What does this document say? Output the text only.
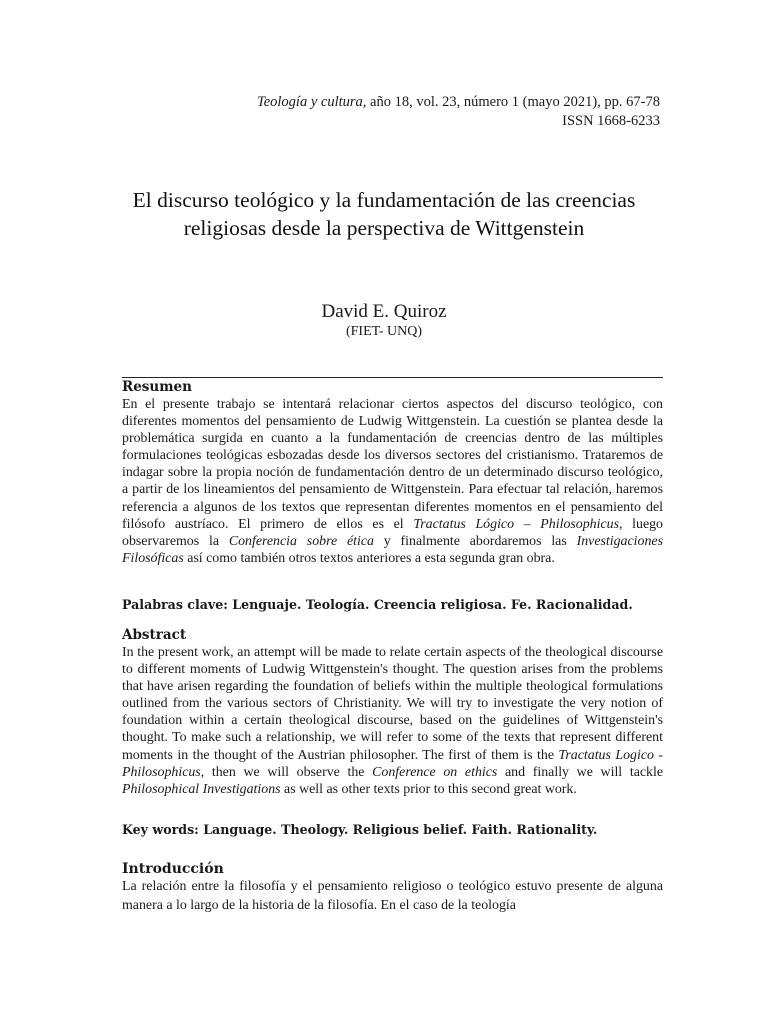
Teología y cultura, año 18, vol. 23, número 1 (mayo 2021), pp. 67-78
ISSN 1668-6233
El discurso teológico y la fundamentación de las creencias religiosas desde la perspectiva de Wittgenstein
David E. Quiroz
(FIET- UNQ)
Resumen
En el presente trabajo se intentará relacionar ciertos aspectos del discurso teológico, con diferentes momentos del pensamiento de Ludwig Wittgenstein. La cuestión se plantea desde la problemática surgida en cuanto a la fundamentación de creencias dentro de las múltiples formulaciones teológicas esbozadas desde los diversos sectores del cristianismo. Trataremos de indagar sobre la propia noción de fundamentación dentro de un determinado discurso teológico, a partir de los lineamientos del pensamiento de Wittgenstein. Para efectuar tal relación, haremos referencia a algunos de los textos que representan diferentes momentos en el pensamiento del filósofo austríaco. El primero de ellos es el Tractatus Lógico – Philosophicus, luego observaremos la Conferencia sobre ética y finalmente abordaremos las Investigaciones Filosóficas así como también otros textos anteriores a esta segunda gran obra.
Palabras clave: Lenguaje. Teología. Creencia religiosa. Fe. Racionalidad.
Abstract
In the present work, an attempt will be made to relate certain aspects of the theological discourse to different moments of Ludwig Wittgenstein's thought. The question arises from the problems that have arisen regarding the foundation of beliefs within the multiple theological formulations outlined from the various sectors of Christianity. We will try to investigate the very notion of foundation within a certain theological discourse, based on the guidelines of Wittgenstein's thought. To make such a relationship, we will refer to some of the texts that represent different moments in the thought of the Austrian philosopher. The first of them is the Tractatus Logico - Philosophicus, then we will observe the Conference on ethics and finally we will tackle Philosophical Investigations as well as other texts prior to this second great work.
Key words: Language. Theology. Religious belief. Faith. Rationality.
Introducción
La relación entre la filosofía y el pensamiento religioso o teológico estuvo presente de alguna manera a lo largo de la historia de la filosofía. En el caso de la teología
